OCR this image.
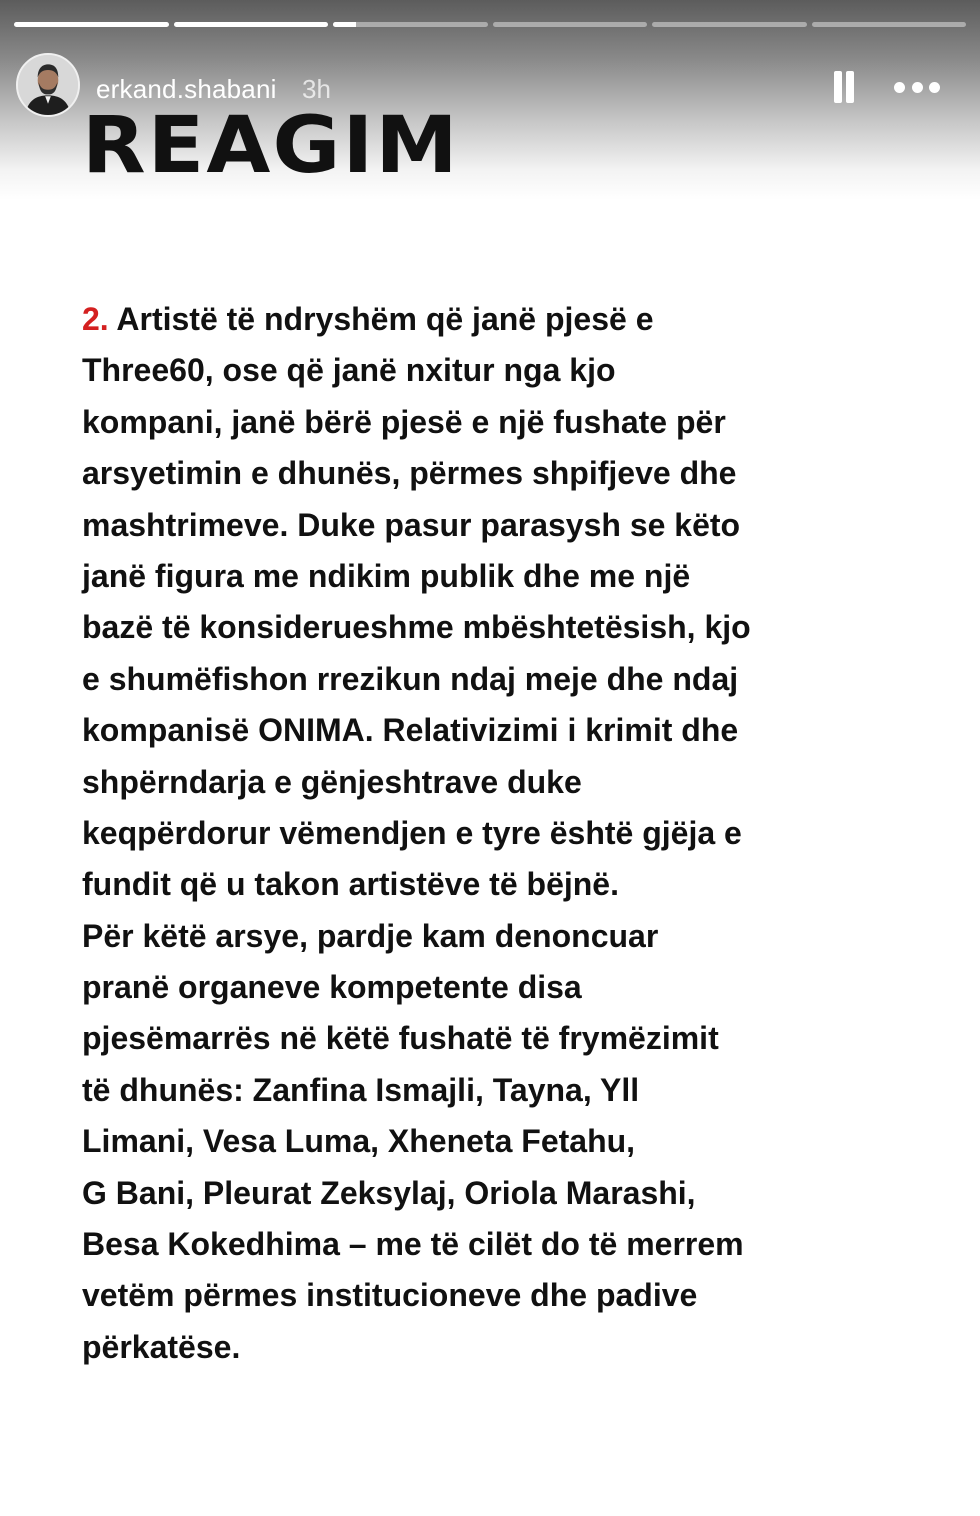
erkand.shabani 3h
REAGIM
2. Artistë të ndryshëm që janë pjesë e
Three60, ose që janë nxitur nga kjo
kompani, janë bërë pjesë e një fushate për
arsyetimin e dhunës, përmes shpifjeve dhe
mashtrimeve. Duke pasur parasysh se këto
janë figura me ndikim publik dhe me një
bazë të konsiderueshme mbështetësish, kjo
e shumëfishon rrezikun ndaj meje dhe ndaj
kompanisë ONIMA. Relativizimi i krimit dhe
shpërndarja e gënjeshtrave duke
keqpërdorur vëmendjen e tyre është gjëja e
fundit që u takon artistëve të bëjnë.
Për këtë arsye, pardje kam denoncuar
pranë organeve kompetente disa
pjesëmarrës në këtë fushatë të frymëzimit
të dhunës: Zanfina Ismajli, Tayna, Yll
Limani, Vesa Luma, Xheneta Fetahu,
G Bani, Pleurat Zeksylaj, Oriola Marashi,
Besa Kokedhima – me të cilët do të merrem
vetëm përmes institucioneve dhe padive
përkatëse.
